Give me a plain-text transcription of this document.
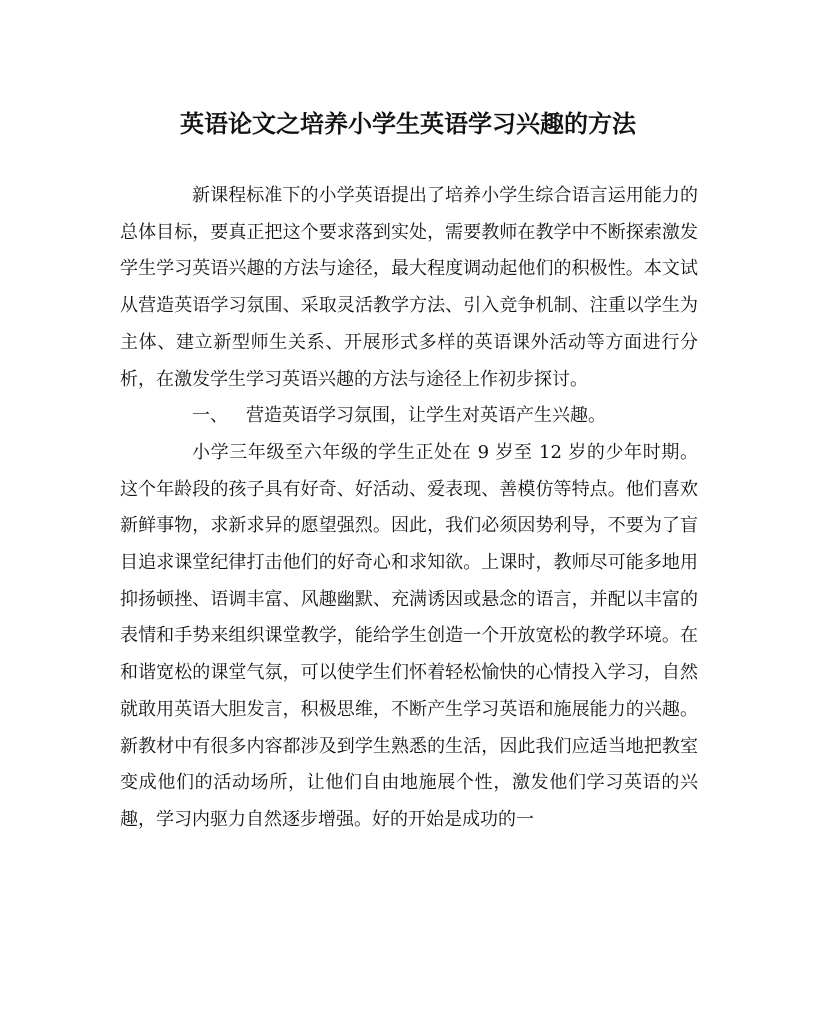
英语论文之培养小学生英语学习兴趣的方法

新课程标准下的小学英语提出了培养小学生综合语言运用能力的总体目标，要真正把这个要求落到实处，需要教师在教学中不断探索激发学生学习英语兴趣的方法与途径，最大程度调动起他们的积极性。本文试从营造英语学习氛围、采取灵活教学方法、引入竞争机制、注重以学生为主体、建立新型师生关系、开展形式多样的英语课外活动等方面进行分析，在激发学生学习英语兴趣的方法与途径上作初步探讨。

一、 营造英语学习氛围，让学生对英语产生兴趣。

小学三年级至六年级的学生正处在 9 岁至 12 岁的少年时期。这个年龄段的孩子具有好奇、好活动、爱表现、善模仿等特点。他们喜欢新鲜事物，求新求异的愿望强烈。因此，我们必须因势利导，不要为了盲目追求课堂纪律打击他们的好奇心和求知欲。上课时，教师尽可能多地用抑扬顿挫、语调丰富、风趣幽默、充满诱因或悬念的语言，并配以丰富的表情和手势来组织课堂教学，能给学生创造一个开放宽松的教学环境。在和谐宽松的课堂气氛，可以使学生们怀着轻松愉快的心情投入学习，自然就敢用英语大胆发言，积极思维，不断产生学习英语和施展能力的兴趣。新教材中有很多内容都涉及到学生熟悉的生活，因此我们应适当地把教室变成他们的活动场所，让他们自由地施展个性，激发他们学习英语的兴趣，学习内驱力自然逐步增强。好的开始是成功的一
